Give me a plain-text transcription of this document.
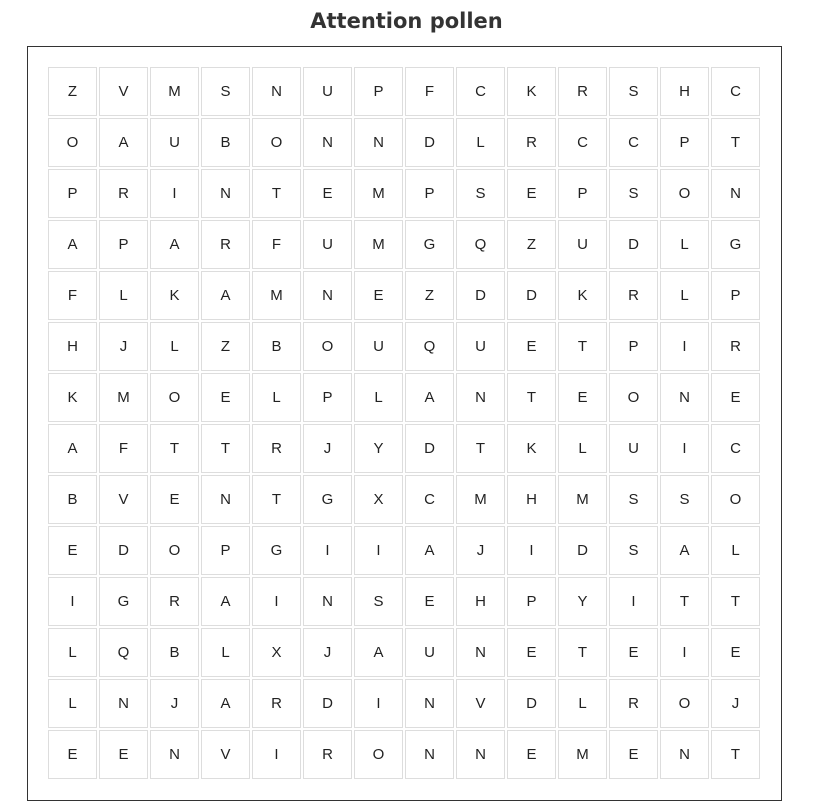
Attention pollen
Z	V	M	S	N	U	P	F	C	K	R	S	H	C
O	A	U	B	O	N	N	D	L	R	C	C	P	T
P	R	I	N	T	E	M	P	S	E	P	S	O	N
A	P	A	R	F	U	M	G	Q	Z	U	D	L	G
F	L	K	A	M	N	E	Z	D	D	K	R	L	P
H	J	L	Z	B	O	U	Q	U	E	T	P	I	R
K	M	O	E	L	P	L	A	N	T	E	O	N	E
A	F	T	T	R	J	Y	D	T	K	L	U	I	C
B	V	E	N	T	G	X	C	M	H	M	S	S	O
E	D	O	P	G	I	I	A	J	I	D	S	A	L
I	G	R	A	I	N	S	E	H	P	Y	I	T	T
L	Q	B	L	X	J	A	U	N	E	T	E	I	E
L	N	J	A	R	D	I	N	V	D	L	R	O	J
E	E	N	V	I	R	O	N	N	E	M	E	N	T
